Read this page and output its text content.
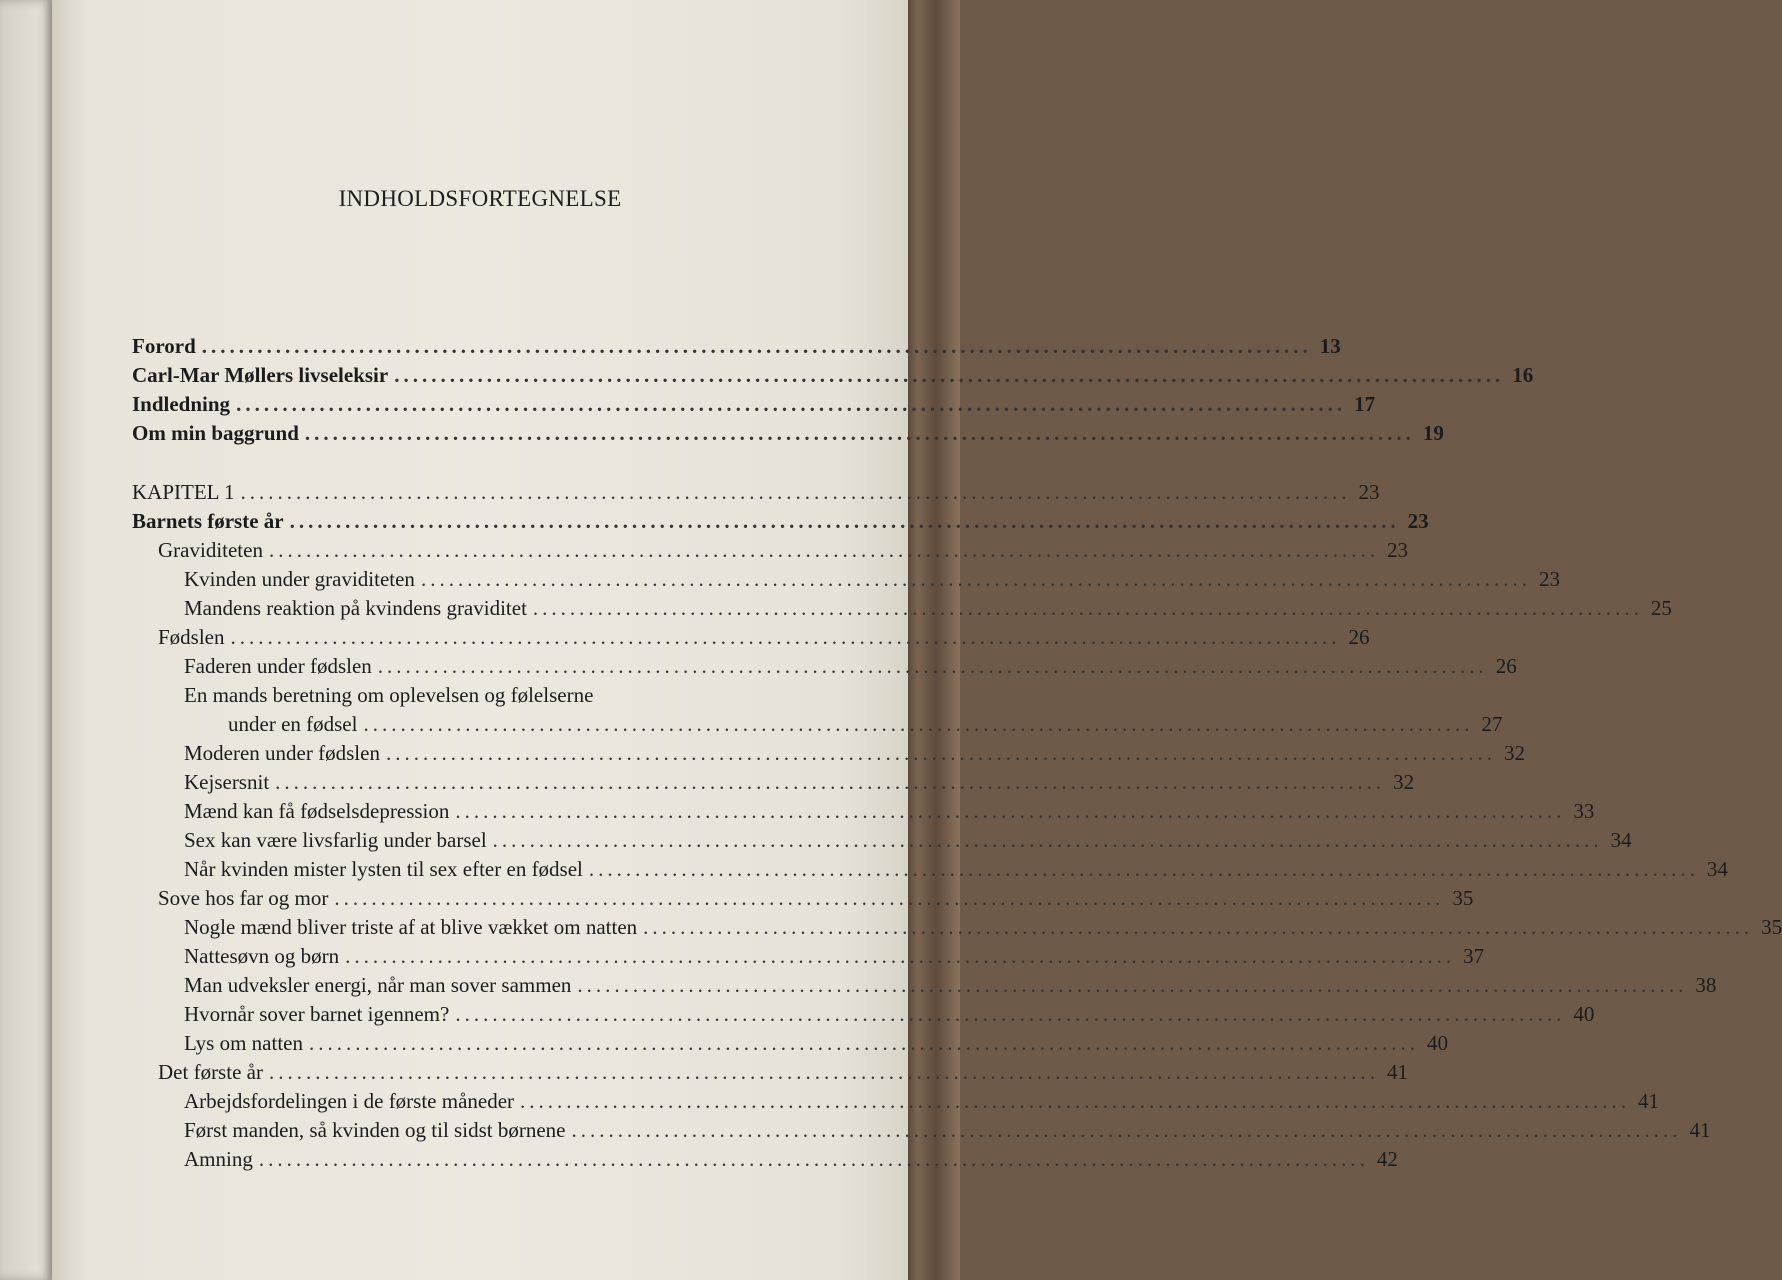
INDHOLDSFORTEGNELSE
Forord ........................................................................................................................ 13
Carl-Mar Møllers livseleksir ........................................................................................................................ 16
Indledning ........................................................................................................................ 17
Om min baggrund ........................................................................................................................ 19
KAPITEL 1 ........................................................................................................................ 23
Barnets første år ........................................................................................................................ 23
Graviditeten ........................................................................................................................ 23
Kvinden under graviditeten ........................................................................................................................ 23
Mandens reaktion på kvindens graviditet ........................................................................................................................ 25
Fødslen ........................................................................................................................ 26
Faderen under fødslen ........................................................................................................................ 26
under en fødsel ........................................................................................................................ 27
Moderen under fødslen ........................................................................................................................ 32
Kejsersnit ........................................................................................................................ 32
Mænd kan få fødselsdepression ........................................................................................................................ 33
Sex kan være livsfarlig under barsel ........................................................................................................................ 34
Når kvinden mister lysten til sex efter en fødsel ........................................................................................................................ 34
Sove hos far og mor ........................................................................................................................ 35
Nogle mænd bliver triste af at blive vækket om natten ........................................................................................................................ 35
Nattesøvn og børn ........................................................................................................................ 37
Man udveksler energi, når man sover sammen ........................................................................................................................ 38
Hvornår sover barnet igennem? ........................................................................................................................ 40
Lys om natten ........................................................................................................................ 40
Det første år ........................................................................................................................ 41
Arbejdsfordelingen i de første måneder ........................................................................................................................ 41
Først manden, så kvinden og til sidst børnene ........................................................................................................................ 41
Amning ........................................................................................................................ 42
En mands beretning om oplevelsen og følelserne
